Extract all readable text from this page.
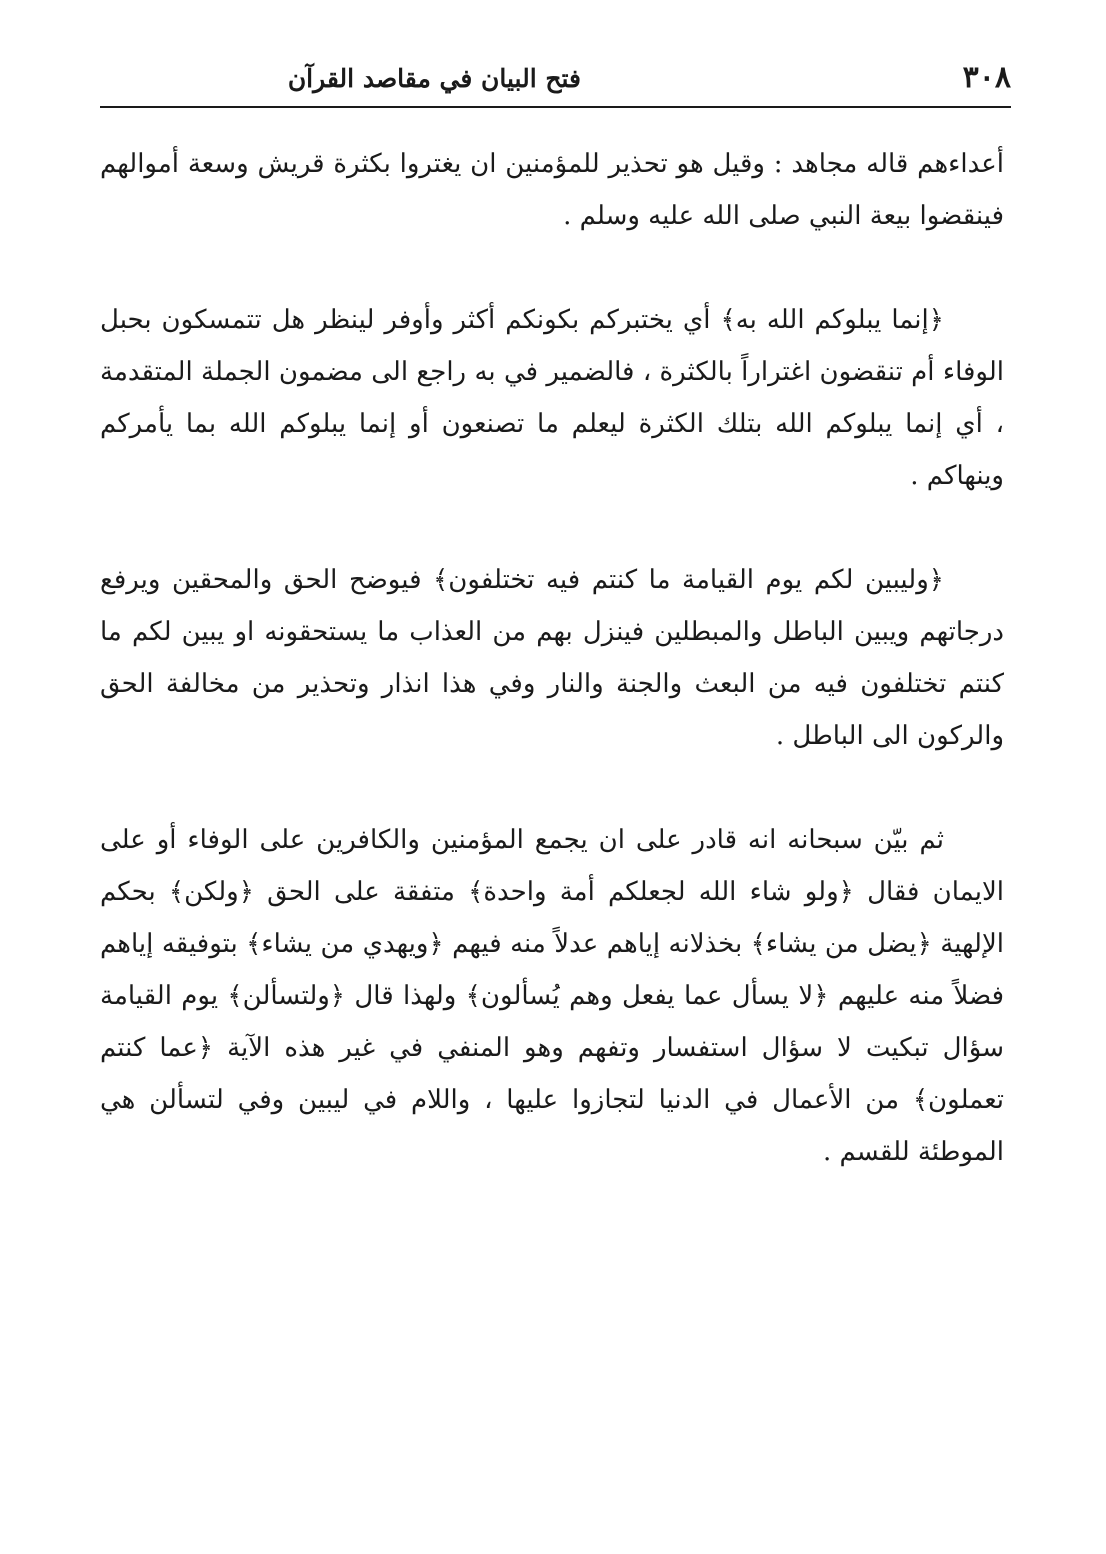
٣٠٨
فتح البيان في مقاصد القرآن

أعداءهم قاله مجاهد : وقيل هو تحذير للمؤمنين ان يغتروا بكثرة قريش وسعة أموالهم فينقضوا بيعة النبي صلى الله عليه وسلم .

﴿إنما يبلوكم الله به﴾ أي يختبركم بكونكم أكثر وأوفر لينظر هل تتمسكون بحبل الوفاء أم تنقضون اغتراراً بالكثرة ، فالضمير في به راجع الى مضمون الجملة المتقدمة ، أي إنما يبلوكم الله بتلك الكثرة ليعلم ما تصنعون أو إنما يبلوكم الله بما يأمركم وينهاكم .

﴿وليبين لكم يوم القيامة ما كنتم فيه تختلفون﴾ فيوضح الحق والمحقين ويرفع درجاتهم ويبين الباطل والمبطلين فينزل بهم من العذاب ما يستحقونه او يبين لكم ما كنتم تختلفون فيه من البعث والجنة والنار وفي هذا انذار وتحذير من مخالفة الحق والركون الى الباطل .

ثم بيّن سبحانه انه قادر على ان يجمع المؤمنين والكافرين على الوفاء أو على الايمان فقال ﴿ولو شاء الله لجعلكم أمة واحدة﴾ متفقة على الحق ﴿ولكن﴾ بحكم الإلهية ﴿يضل من يشاء﴾ بخذلانه إياهم عدلاً منه فيهم ﴿ويهدي من يشاء﴾ بتوفيقه إياهم فضلاً منه عليهم ﴿لا يسأل عما يفعل وهم يُسألون﴾ ولهذا قال ﴿ولتسألن﴾ يوم القيامة سؤال تبكيت لا سؤال استفسار وتفهم وهو المنفي في غير هذه الآية ﴿عما كنتم تعملون﴾ من الأعمال في الدنيا لتجازوا عليها ، واللام في ليبين وفي لتسألن هي الموطئة للقسم .
